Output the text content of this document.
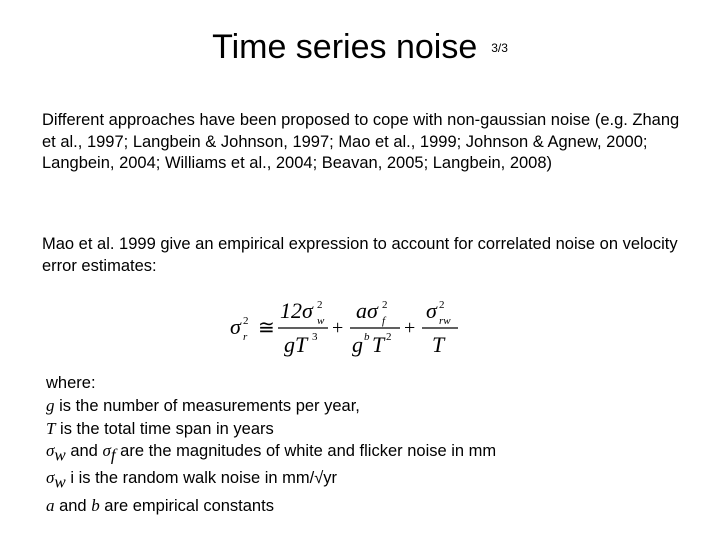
Time series noise $^{3/3}$

Different approaches have been proposed to cope with non-gaussian noise (e.g. Zhang et al., 1997; Langbein & Johnson, 1997; Mao et al., 1999; Johnson & Agnew, 2000; Langbein, 2004; Williams et al., 2004; Beavan, 2005; Langbein, 2008)

Mao et al. 1999 give an empirical expression to account for correlated noise on velocity error estimates:

σ r
2 ≅
12σ w
2
gT 3 +
aσ f
2
g b T 2 +
σ rw
2
T
where:
g is the number of measurements per year,
T is the total time span in years
$\sigma_w$ and $\sigma_f$ are the magnitudes of white and flicker noise in mm
$\sigma_w$ i is the random walk noise in mm/√yr
a and b are empirical constants
